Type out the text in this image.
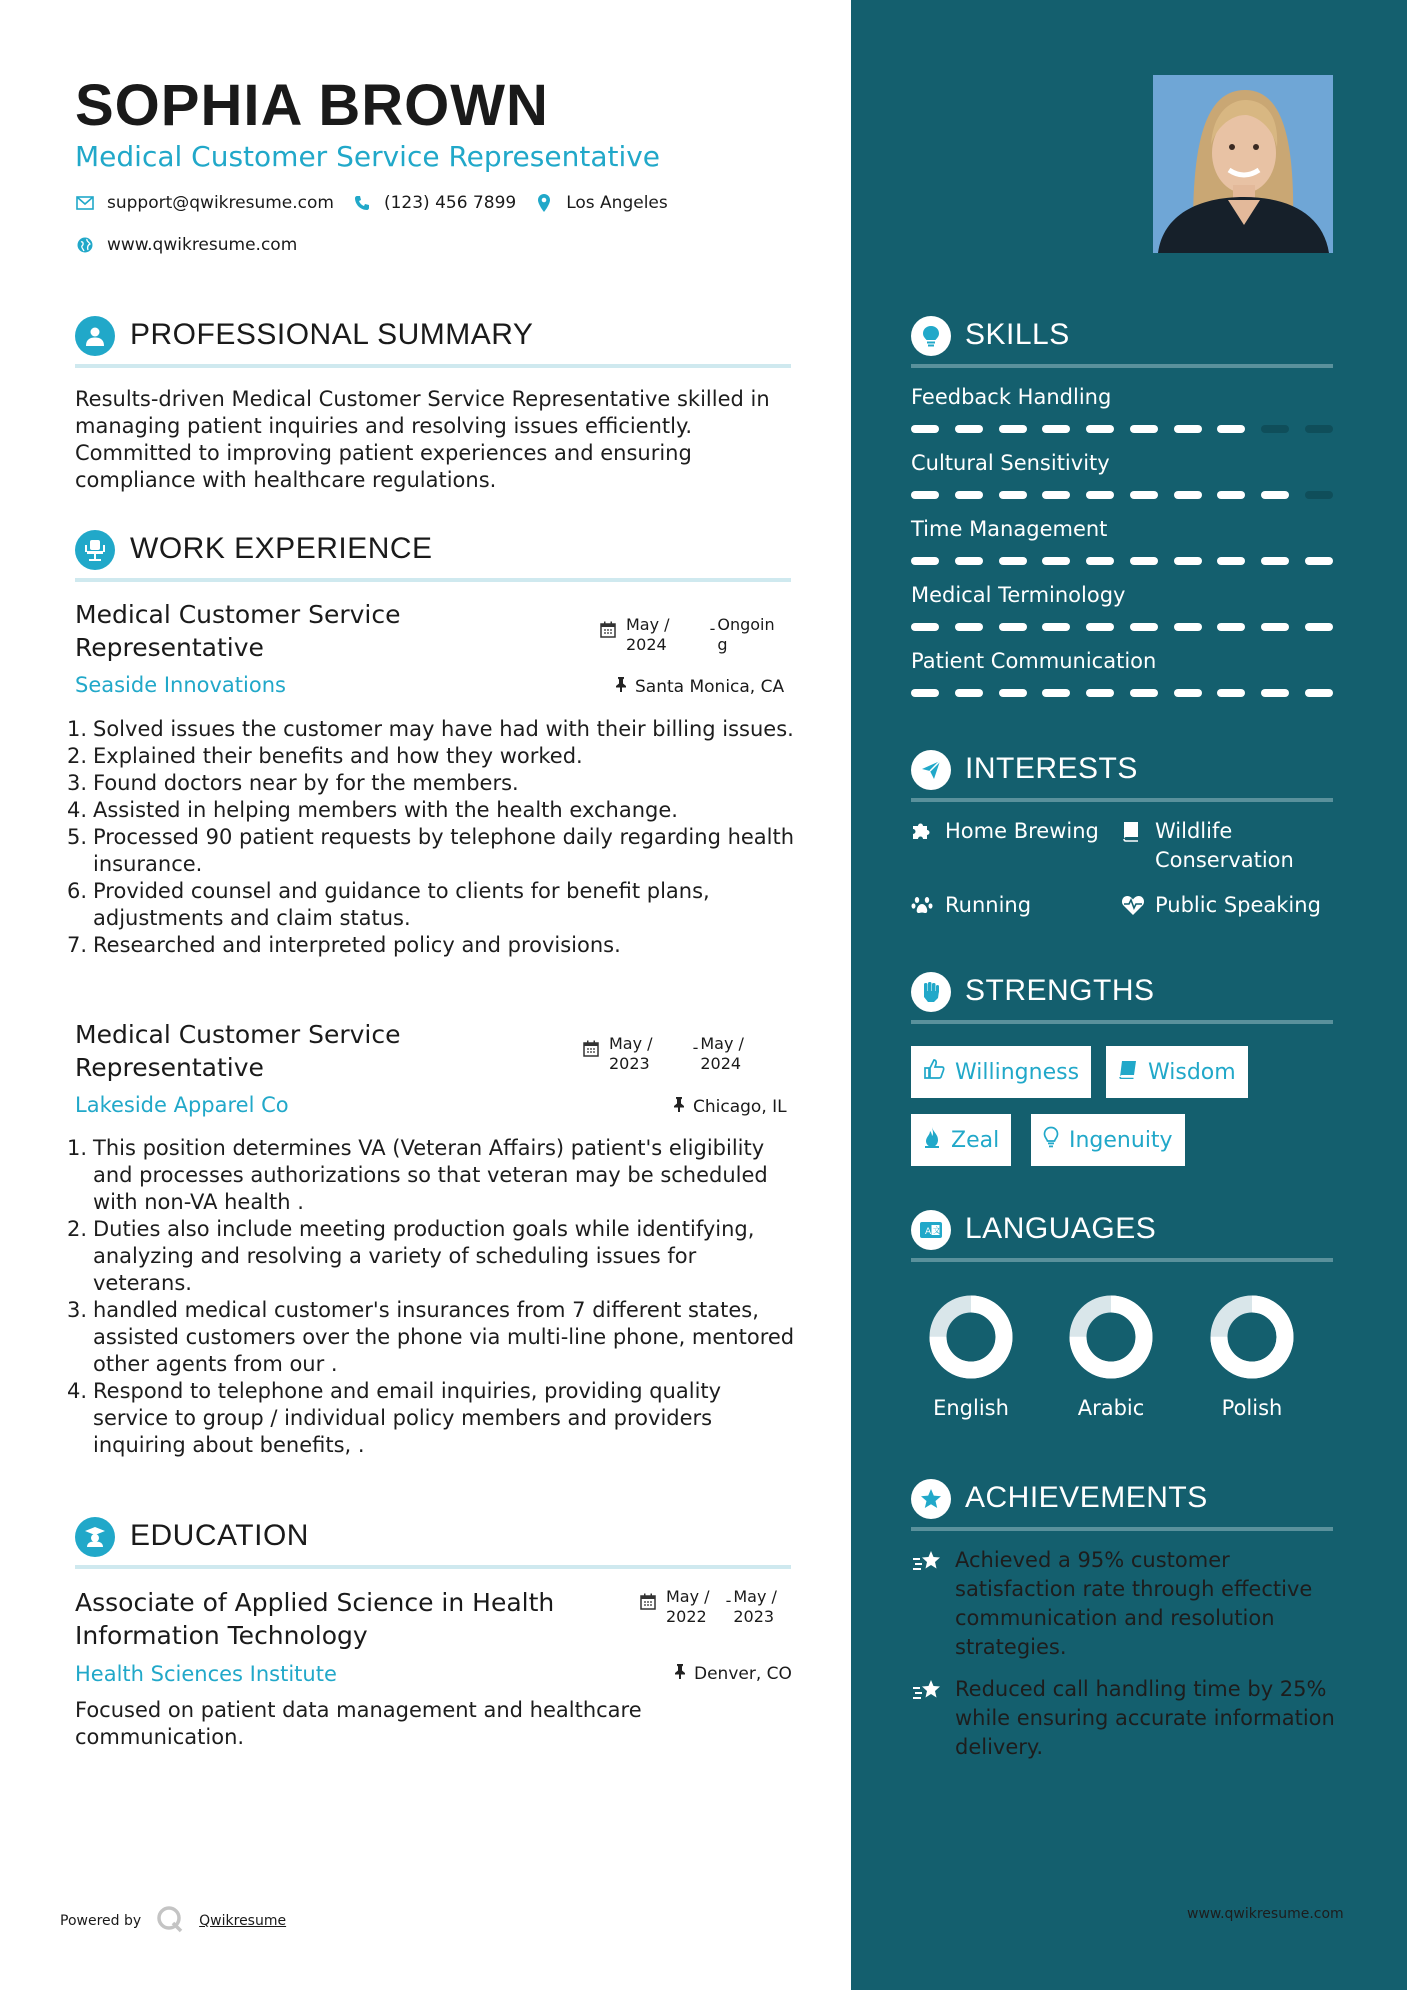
SOPHIA BROWN
Medical Customer Service Representative
support@qwikresume.com	(123) 456 7899	Los Angeles
www.qwikresume.com
PROFESSIONAL SUMMARY
Results-driven Medical Customer Service Representative skilled in managing patient inquiries and resolving issues efficiently. Committed to improving patient experiences and ensuring compliance with healthcare regulations.
WORK EXPERIENCE
Medical Customer Service Representative
May /
2024
- Ongoin
g
Seaside Innovations	Santa Monica, CA
1. Solved issues the customer may have had with their billing issues.
2. Explained their benefits and how they worked.
3. Found doctors near by for the members.
4. Assisted in helping members with the health exchange.
5. Processed 90 patient requests by telephone daily regarding health insurance.
6. Provided counsel and guidance to clients for benefit plans, adjustments and claim status.
7. Researched and interpreted policy and provisions.
Medical Customer Service Representative
May /
2023
- May /
2024
Lakeside Apparel Co	Chicago, IL
1. This position determines VA (Veteran Affairs) patient's eligibility and processes authorizations so that veteran may be scheduled with non-VA health .
2. Duties also include meeting production goals while identifying, analyzing and resolving a variety of scheduling issues for veterans.
3. handled medical customer's insurances from 7 different states, assisted customers over the phone via multi-line phone, mentored other agents from our .
4. Respond to telephone and email inquiries, providing quality service to group / individual policy members and providers inquiring about benefits, .
EDUCATION
Associate of Applied Science in Health Information Technology
May /
2022
- May /
2023
Health Sciences Institute	Denver, CO
Focused on patient data management and healthcare communication.
Powered by	Qwikresume
SKILLS
Feedback Handling
Cultural Sensitivity
Time Management
Medical Terminology
Patient Communication
INTERESTS
Home Brewing	Wildlife Conservation
Running	Public Speaking
STRENGTHS
Willingness	Wisdom
Zeal	Ingenuity
A 文 LANGUAGES
English	Arabic	Polish
ACHIEVEMENTS
Achieved a 95% customer satisfaction rate through effective communication and resolution strategies.
Reduced call handling time by 25% while ensuring accurate information delivery.
www.qwikresume.com
